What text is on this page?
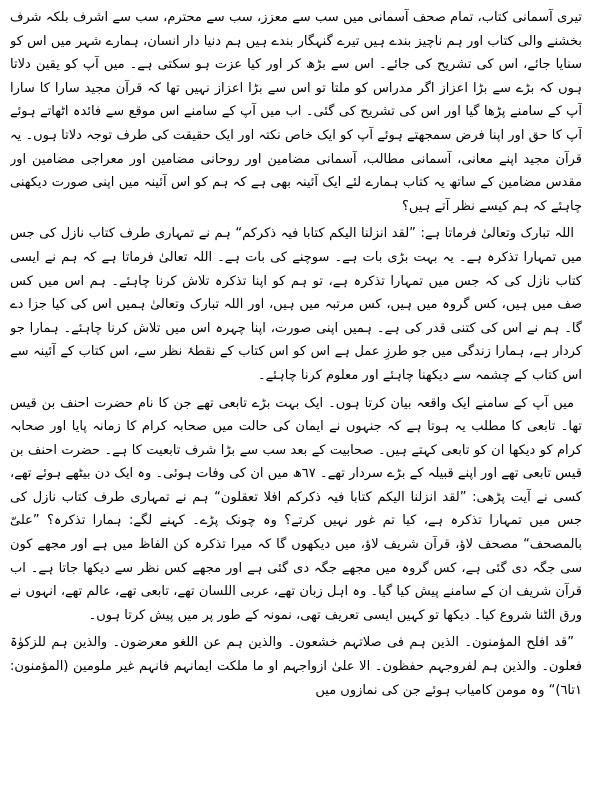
تیری آسمانی کتاب، تمام صحف آسمانی میں سب سے معزز، سب سے محترم، سب سے اشرف بلکہ شرف بخشنے والی کتاب اور ہم ناچیز بندے ہیں تیرے گنہگار بندے ہیں ہم دنیا دار انسان، ہمارے شہر میں اس کو سنایا جائے، اس کی تشریح کی جائے۔ اس سے بڑھ کر اور کیا عزت ہو سکتی ہے۔ میں آپ کو یقین دلاتا ہوں کہ بڑے سے بڑا اعزاز اگر مدراس کو ملتا تو اس سے بڑا اعزاز نہیں تھا کہ قرآن مجید سارا کا سارا آپ کے سامنے پڑھا گیا اور اس کی تشریح کی گئی۔ اب میں آپ کے سامنے اس موقع سے فائدہ اٹھاتے ہوئے آپ کا حق اور اپنا فرض سمجھتے ہوئے آپ کو ایک خاص نکتہ اور ایک حقیقت کی طرف توجہ دلاتا ہوں۔ یہ قرآن مجید اپنے معانی، آسمانی مطالب، آسمانی مضامین اور روحانی مضامین اور معراجی مضامین اور مقدس مضامین کے ساتھ یہ کتاب ہمارے لئے ایک آئینہ بھی ہے کہ ہم کو اس آئینہ میں اپنی صورت دیکھنی چاہئے کہ ہم کیسے نظر آتے ہیں؟

اللہ تبارک وتعالیٰ فرماتا ہے: ”لقد انزلنا الیکم کتابا فیہ ذکرکم“ ہم نے تمہاری طرف کتاب نازل کی جس میں تمہارا تذکرہ ہے۔ یہ بہت بڑی بات ہے۔ سوچنے کی بات ہے۔ اللہ تعالیٰ فرماتا ہے کہ ہم نے ایسی کتاب نازل کی کہ جس میں تمہارا تذکرہ ہے، تو ہم کو اپنا تذکرہ تلاش کرنا چاہئے۔ ہم اس میں کس صف میں ہیں، کس گروہ میں ہیں، کس مرتبہ میں ہیں، اور اللہ تبارک وتعالیٰ ہمیں اس کی کیا جزا دے گا۔ ہم نے اس کی کتنی قدر کی ہے۔ ہمیں اپنی صورت، اپنا چہرہ اس میں تلاش کرنا چاہئے۔ ہمارا جو کردار ہے، ہمارا زندگی میں جو طرزِ عمل ہے اس کو اس کتاب کے نقطۂ نظر سے، اس کتاب کے آئینہ سے اس کتاب کے چشمہ سے دیکھنا چاہئے اور معلوم کرنا چاہئے۔

میں آپ کے سامنے ایک واقعہ بیان کرتا ہوں۔ ایک بہت بڑے تابعی تھے جن کا نام حضرت احنف بن قیس تھا۔ تابعی کا مطلب یہ ہوتا ہے کہ جنہوں نے ایمان کی حالت میں صحابہ کرام کا زمانہ پایا اور صحابہ کرام کو دیکھا ان کو تابعی کہتے ہیں۔ صحابیت کے بعد سب سے بڑا شرف تابعیت کا ہے۔ حضرت احنف بن قیس تابعی تھے اور اپنے قبیلہ کے بڑے سردار تھے۔ ٦٧ھ میں ان کی وفات ہوئی۔ وہ ایک دن بیٹھے ہوئے تھے، کسی نے آیت پڑھی: ”لقد انزلنا الیکم کتابا فیہ ذکرکم افلا تعقلون“ ہم نے تمہاری طرف کتاب نازل کی جس میں تمہارا تذکرہ ہے، کیا تم غور نہیں کرتے؟ وہ چونک پڑے۔ کہنے لگے: ہمارا تذکرہ؟ ”علیّ بالمصحف“ مصحف لاؤ، قرآن شریف لاؤ، میں دیکھوں گا کہ میرا تذکرہ کن الفاظ میں ہے اور مجھے کون سی جگہ دی گئی ہے، کس گروہ میں مجھے جگہ دی گئی ہے اور مجھے کس نظر سے دیکھا جاتا ہے۔ اب قرآن شریف ان کے سامنے پیش کیا گیا۔ وہ اہل زبان تھے، عربی اللسان تھے، تابعی تھے، عالم تھے، انہوں نے ورق الٹنا شروع کیا۔ دیکھا تو کہیں ایسی تعریف تھی، نمونہ کے طور پر میں پیش کرتا ہوں۔

”قد افلح المؤمنون۔ الذین ہم فی صلاتہم خشعون۔ والذین ہم عن اللغو معرضون۔ والذین ہم للزکوٰۃ فعلون۔ والذین ہم لفروجہم حفظون۔ الا علیٰ ازواجہم او ما ملکت ایمانہم فانہم غیر ملومین (المؤمنون: ١تا٦)“ وہ مومن کامیاب ہوئے جن کی نمازوں میں
